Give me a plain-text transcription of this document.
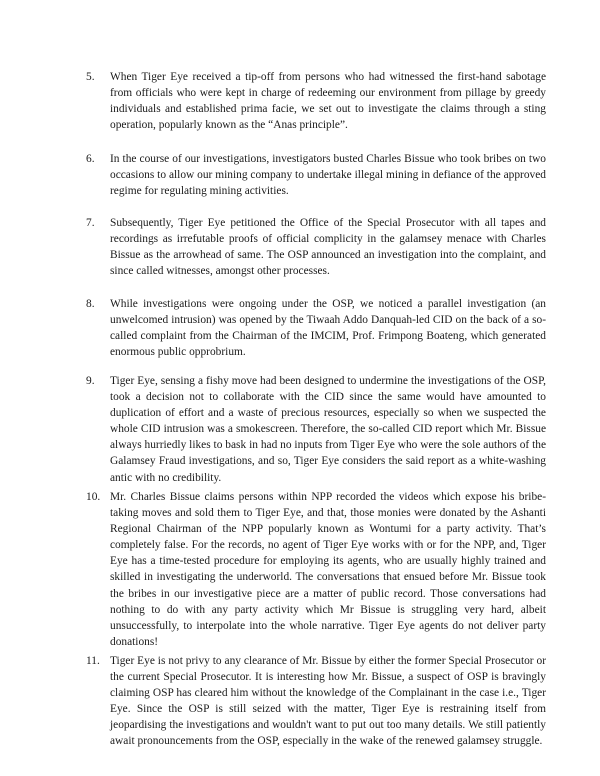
5.	When Tiger Eye received a tip-off from persons who had witnessed the first-hand sabotage from officials who were kept in charge of redeeming our environment from pillage by greedy individuals and established prima facie, we set out to investigate the claims through a sting operation, popularly known as the “Anas principle”.
6.	In the course of our investigations, investigators busted Charles Bissue who took bribes on two occasions to allow our mining company to undertake illegal mining in defiance of the approved regime for regulating mining activities.
7.	Subsequently, Tiger Eye petitioned the Office of the Special Prosecutor with all tapes and recordings as irrefutable proofs of official complicity in the galamsey menace with Charles Bissue as the arrowhead of same. The OSP announced an investigation into the complaint, and since called witnesses, amongst other processes.
8.	While investigations were ongoing under the OSP, we noticed a parallel investigation (an unwelcomed intrusion) was opened by the Tiwaah Addo Danquah-led CID on the back of a so-called complaint from the Chairman of the IMCIM, Prof. Frimpong Boateng, which generated enormous public opprobrium.
9.	Tiger Eye, sensing a fishy move had been designed to undermine the investigations of the OSP, took a decision not to collaborate with the CID since the same would have amounted to duplication of effort and a waste of precious resources, especially so when we suspected the whole CID intrusion was a smokescreen. Therefore, the so-called CID report which Mr. Bissue always hurriedly likes to bask in had no inputs from Tiger Eye who were the sole authors of the Galamsey Fraud investigations, and so, Tiger Eye considers the said report as a white-washing antic with no credibility.
10. Mr. Charles Bissue claims persons within NPP recorded the videos which expose his bribe-taking moves and sold them to Tiger Eye, and that, those monies were donated by the Ashanti Regional Chairman of the NPP popularly known as Wontumi for a party activity. That’s completely false. For the records, no agent of Tiger Eye works with or for the NPP, and, Tiger Eye has a time-tested procedure for employing its agents, who are usually highly trained and skilled in investigating the underworld. The conversations that ensued before Mr. Bissue took the bribes in our investigative piece are a matter of public record. Those conversations had nothing to do with any party activity which Mr Bissue is struggling very hard, albeit unsuccessfully, to interpolate into the whole narrative. Tiger Eye agents do not deliver party donations!
11. Tiger Eye is not privy to any clearance of Mr. Bissue by either the former Special Prosecutor or the current Special Prosecutor. It is interesting how Mr. Bissue, a suspect of OSP is bravingly claiming OSP has cleared him without the knowledge of the Complainant in the case i.e., Tiger Eye. Since the OSP is still seized with the matter, Tiger Eye is restraining itself from jeopardising the investigations and wouldn't want to put out too many details. We still patiently await pronouncements from the OSP, especially in the wake of the renewed galamsey struggle.
